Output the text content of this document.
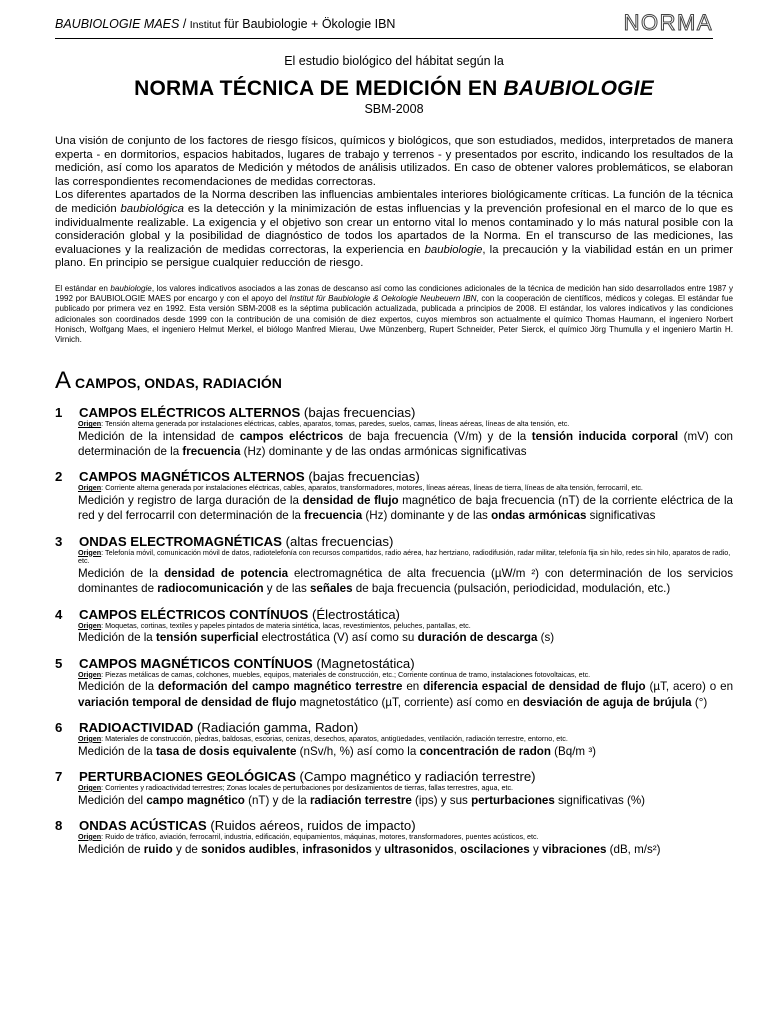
BAUBIOLOGIE MAES / Institut für Baubiologie + Ökologie IBN	NORMA
El estudio biológico del hábitat según la
NORMA TÉCNICA DE MEDICIÓN EN BAUBIOLOGIE
SBM-2008

Una visión de conjunto de los factores de riesgo físicos, químicos y biológicos, que son estudiados, medidos, interpretados de manera experta - en dormitorios, espacios habitados, lugares de trabajo y terrenos - y presentados por escrito, indicando los resultados de la medición, así como los aparatos de Medición y métodos de análisis utilizados. En caso de obtener valores problemáticos, se elaboran las correspondientes recomendaciones de medidas correctoras.

Los diferentes apartados de la Norma describen las influencias ambientales interiores biológicamente críticas. La función de la técnica de medición baubiológica es la detección y la minimización de estas influencias y la prevención profesional en el marco de lo que es individualmente realizable. La exigencia y el objetivo son crear un entorno vital lo menos contaminado y lo más natural posible con la consideración global y la posibilidad de diagnóstico de todos los apartados de la Norma. En el transcurso de las mediciones, las evaluaciones y la realización de medidas correctoras, la experiencia en baubiologie, la precaución y la viabilidad están en un primer plano. En principio se persigue cualquier reducción de riesgo.

El estándar en baubiologie, los valores indicativos asociados a las zonas de descanso así como las condiciones adicionales de la técnica de medición han sido desarrollados entre 1987 y 1992 por BAUBIOLOGIE MAES por encargo y con el apoyo del Institut für Baubiologie & Oekologie Neubeuern IBN, con la cooperación de científicos, médicos y colegas. El estándar fue publicado por primera vez en 1992. Esta versión SBM-2008 es la séptima publicación actualizada, publicada a principios de 2008. El estándar, los valores indicativos y las condiciones adicionales son coordinados desde 1999 con la contribución de una comisión de diez expertos, cuyos miembros son actualmente el químico Thomas Haumann, el ingeniero Norbert Honisch, Wolfgang Maes, el ingeniero Helmut Merkel, el biólogo Manfred Mierau, Uwe Münzenberg, Rupert Schneider, Peter Sierck, el químico Jörg Thumulla y el ingeniero Martin H. Virnich.

ACAMPOS, ONDAS, RADIACIÓN
1 CAMPOS ELÉCTRICOS ALTERNOS (bajas frecuencias)
Origen: Tensión alterna generada por instalaciones eléctricas, cables, aparatos, tomas, paredes, suelos, camas, líneas aéreas, líneas de alta tensión, etc.
Medición de la intensidad de campos eléctricos de baja frecuencia (V/m) y de la tensión inducida corporal (mV) con determinación de la frecuencia (Hz) dominante y de las ondas armónicas significativas
2 CAMPOS MAGNÉTICOS ALTERNOS (bajas frecuencias)
Origen: Corriente alterna generada por instalaciones eléctricas, cables, aparatos, transformadores, motores, líneas aéreas, líneas de tierra, líneas de alta tensión, ferrocarril, etc.
Medición y registro de larga duración de la densidad de flujo magnético de baja frecuencia (nT) de la corriente eléctrica de la red y del ferrocarril con determinación de la frecuencia (Hz) dominante y de las ondas armónicas significativas
3 ONDAS ELECTROMAGNÉTICAS (altas frecuencias)
Origen: Telefonía móvil, comunicación móvil de datos, radiotelefonía con recursos compartidos, radio aérea, haz hertziano, radiodifusión, radar militar, telefonía fija sin hilo, redes sin hilo, aparatos de radio, etc.
Medición de la densidad de potencia electromagnética de alta frecuencia (µW/m ²) con determinación de los servicios dominantes de radiocomunicación y de las señales de baja frecuencia (pulsación, periodicidad, modulación, etc.)
4 CAMPOS ELÉCTRICOS CONTÍNUOS (Électrostática)
Origen: Moquetas, cortinas, textiles y papeles pintados de materia sintética, lacas, revestimientos, peluches, pantallas, etc.
Medición de la tensión superficial electrostática (V) así como su duración de descarga (s)
5 CAMPOS MAGNÉTICOS CONTÍNUOS (Magnetostática)
Origen: Piezas metálicas de camas, colchones, muebles, equipos, materiales de construcción, etc.; Corriente continua de tramo, instalaciones fotovoltaicas, etc.
Medición de la deformación del campo magnético terrestre en diferencia espacial de densidad de flujo (µT, acero) o en variación temporal de densidad de flujo magnetostático (µT, corriente) así como en desviación de aguja de brújula (°)
6 RADIOACTIVIDAD (Radiación gamma, Radon)
Origen: Materiales de construcción, piedras, baldosas, escorias, cenizas, desechos, aparatos, antigüedades, ventilación, radiación terrestre, entorno, etc.
Medición de la tasa de dosis equivalente (nSv/h, %) así como la concentración de radon (Bq/m ³)
7 PERTURBACIONES GEOLÓGICAS (Campo magnético y radiación terrestre)
Origen: Corrientes y radioactividad terrestres; Zonas locales de perturbaciones por deslizamientos de tierras, fallas terrestres, agua, etc.
Medición del campo magnético (nT) y de la radiación terrestre (ips) y sus perturbaciones significativas (%)
8 ONDAS ACÚSTICAS (Ruidos aéreos, ruidos de impacto)
Origen: Ruido de tráfico, aviación, ferrocarril, industria, edificación, equipamientos, máquinas, motores, transformadores, puentes acústicos, etc.
Medición de ruido y de sonidos audibles, infrasonidos y ultrasonidos, oscilaciones y vibraciones (dB, m/s²)
